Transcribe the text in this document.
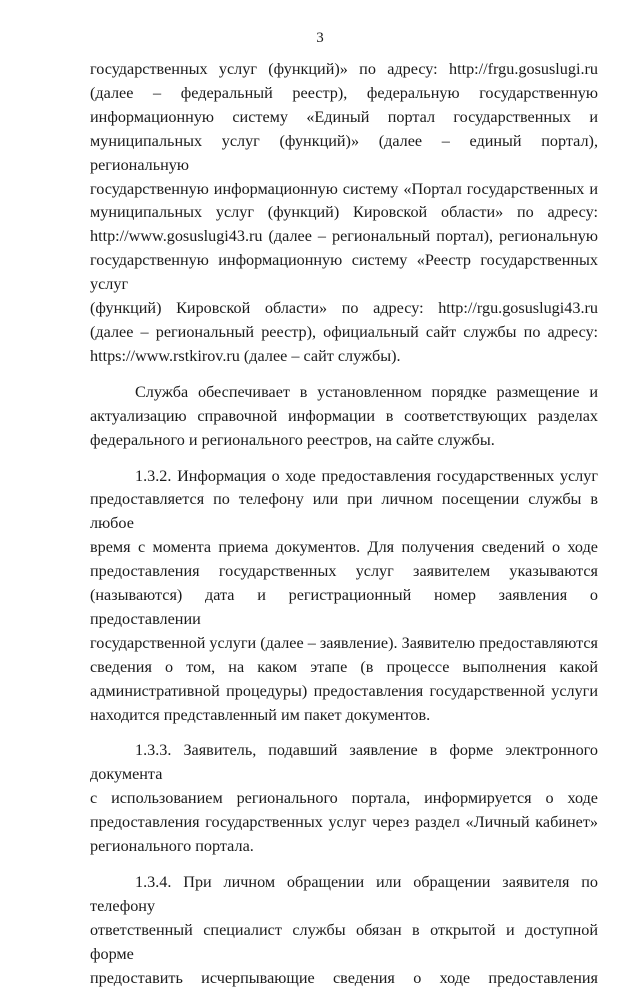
3
государственных услуг (функций)» по адресу: http://frgu.gosuslugi.ru
(далее – федеральный реестр), федеральную государственную
информационную систему «Единый портал государственных и
муниципальных услуг (функций)» (далее – единый портал), региональную
государственную информационную систему «Портал государственных и
муниципальных услуг (функций) Кировской области» по адресу:
http://www.gosuslugi43.ru (далее – региональный портал), региональную
государственную информационную систему «Реестр государственных услуг
(функций) Кировской области» по адресу: http://rgu.gosuslugi43.ru
(далее – региональный реестр), официальный сайт службы по адресу:
https://www.rstkirov.ru (далее – сайт службы).
Служба обеспечивает в установленном порядке размещение и
актуализацию справочной информации в соответствующих разделах
федерального и регионального реестров, на сайте службы.
1.3.2. Информация о ходе предоставления государственных услуг
предоставляется по телефону или при личном посещении службы в любое
время с момента приема документов. Для получения сведений о ходе
предоставления государственных услуг заявителем указываются
(называются) дата и регистрационный номер заявления о предоставлении
государственной услуги (далее – заявление). Заявителю предоставляются
сведения о том, на каком этапе (в процессе выполнения какой
административной процедуры) предоставления государственной услуги
находится представленный им пакет документов.
1.3.3. Заявитель, подавший заявление в форме электронного документа
с использованием регионального портала, информируется о ходе
предоставления государственных услуг через раздел «Личный кабинет»
регионального портала.
1.3.4. При личном обращении или обращении заявителя по телефону
ответственный специалист службы обязан в открытой и доступной форме
предоставить исчерпывающие сведения о ходе предоставления
